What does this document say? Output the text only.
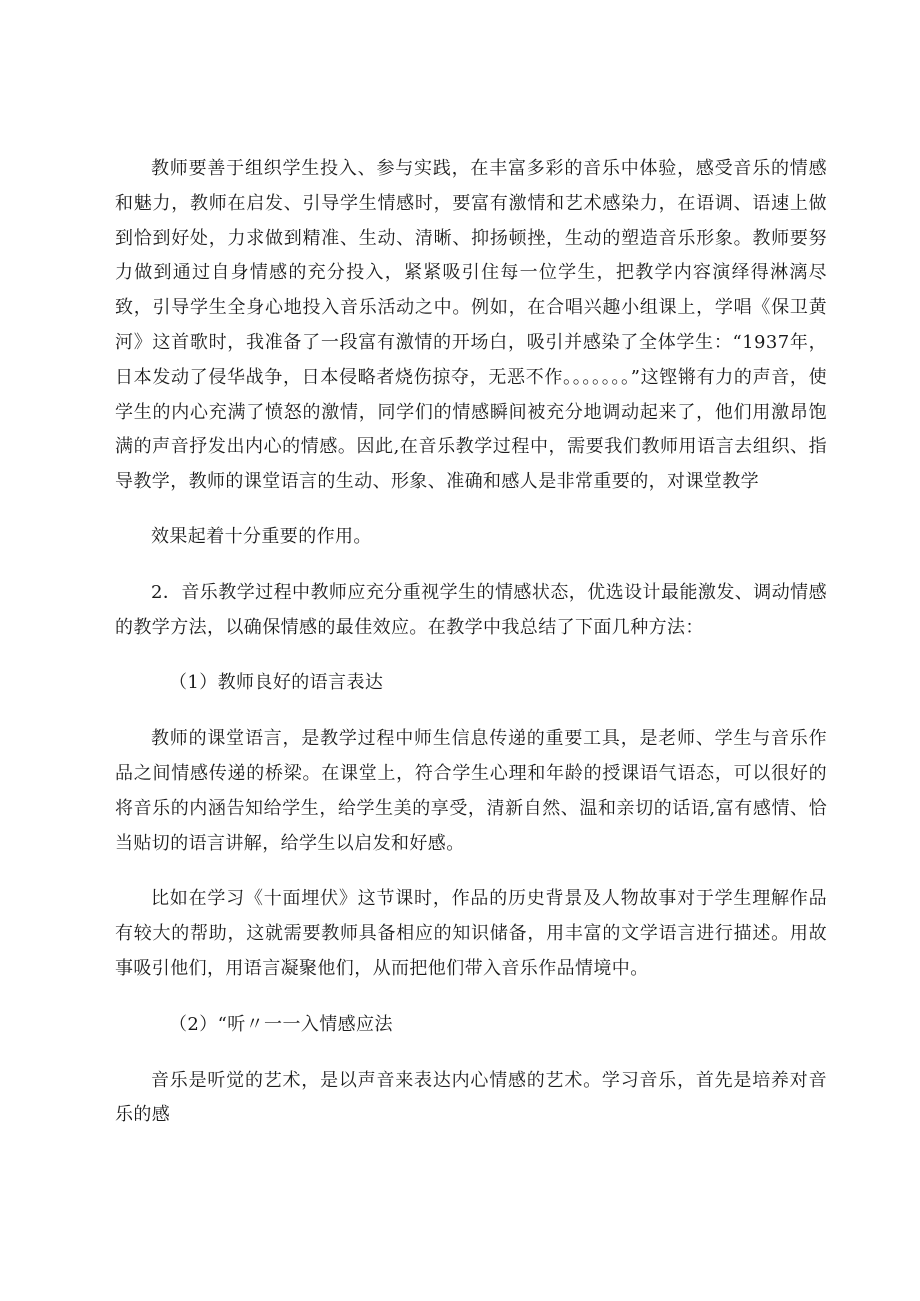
教师要善于组织学生投入、参与实践，在丰富多彩的音乐中体验，感受音乐的情感和魅力，教师在启发、引导学生情感时，要富有激情和艺术感染力，在语调、语速上做到恰到好处，力求做到精准、生动、清晰、抑扬顿挫，生动的塑造音乐形象。教师要努力做到通过自身情感的充分投入，紧紧吸引住每一位学生，把教学内容演绎得淋漓尽致，引导学生全身心地投入音乐活动之中。例如，在合唱兴趣小组课上，学唱《保卫黄河》这首歌时，我准备了一段富有激情的开场白，吸引并感染了全体学生：“1937年，日本发动了侵华战争，日本侵略者烧伤掠夺，无恶不作。。。。。。。”这铿锵有力的声音，使学生的内心充满了愤怒的激情，同学们的情感瞬间被充分地调动起来了，他们用激昂饱满的声音抒发出内心的情感。因此,在音乐教学过程中，需要我们教师用语言去组织、指导教学，教师的课堂语言的生动、形象、准确和感人是非常重要的，对课堂教学

效果起着十分重要的作用。

2．音乐教学过程中教师应充分重视学生的情感状态，优选设计最能激发、调动情感的教学方法，以确保情感的最佳效应。在教学中我总结了下面几种方法：

（1）教师良好的语言表达

教师的课堂语言，是教学过程中师生信息传递的重要工具，是老师、学生与音乐作品之间情感传递的桥梁。在课堂上，符合学生心理和年龄的授课语气语态，可以很好的将音乐的内涵告知给学生，给学生美的享受，清新自然、温和亲切的话语,富有感情、恰当贴切的语言讲解，给学生以启发和好感。

比如在学习《十面埋伏》这节课时，作品的历史背景及人物故事对于学生理解作品有较大的帮助，这就需要教师具备相应的知识储备，用丰富的文学语言进行描述。用故事吸引他们，用语言凝聚他们，从而把他们带入音乐作品情境中。

（2）“听〃一一入情感应法

音乐是听觉的艺术，是以声音来表达内心情感的艺术。学习音乐，首先是培养对音乐的感
